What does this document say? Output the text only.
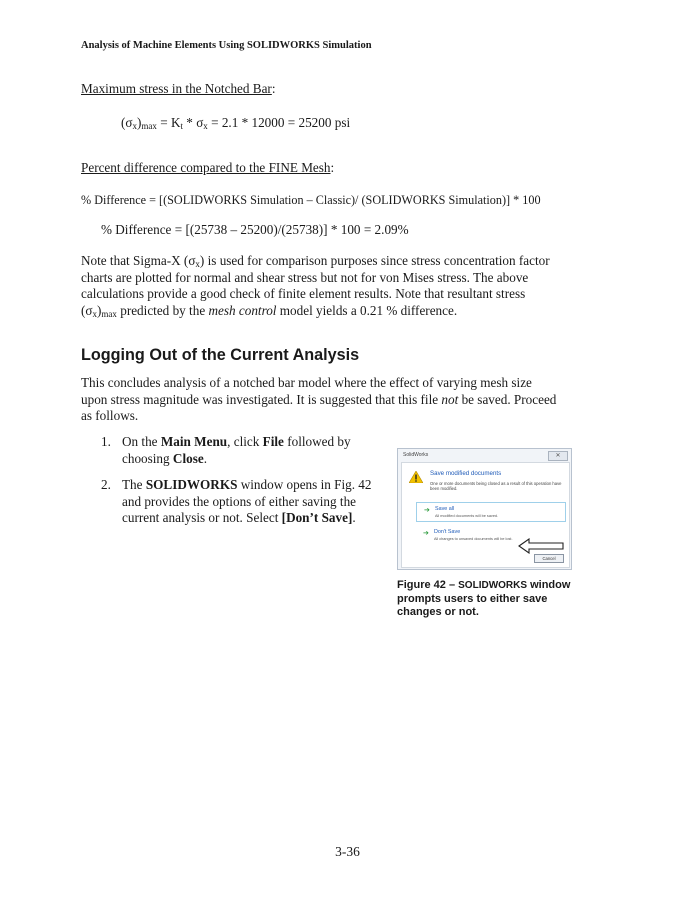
Analysis of Machine Elements Using SOLIDWORKS Simulation
Maximum stress in the Notched Bar:
$(\sigma_x)_{max} = K_t * \sigma_x = 2.1 * 12000 = 25200$ psi
Percent difference compared to the FINE Mesh:
% Difference = [(SOLIDWORKS Simulation – Classic)/ (SOLIDWORKS Simulation)] * 100
% Difference = [(25738 – 25200)/(25738)] * 100 = 2.09%
Note that Sigma-X $(\sigma_x)$ is used for comparison purposes since stress concentration factor charts are plotted for normal and shear stress but not for von Mises stress. The above calculations provide a good check of finite element results. Note that resultant stress $(\sigma_x)_{max}$ predicted by the mesh control model yields a 0.21 % difference.
Logging Out of the Current Analysis
This concludes analysis of a notched bar model where the effect of varying mesh size upon stress magnitude was investigated. It is suggested that this file not be saved. Proceed as follows.
1. On the Main Menu, click File followed by choosing Close.
2. The SOLIDWORKS window opens in Fig. 42 and provides the options of either saving the current analysis or not. Select [Don’t Save].
SolidWorks	✕
Save modified documents
One or more documents being closed as a result of this operation have been modified.
➔ Save all
All modified documents will be saved.
➔ Don't Save
All changes to unsaved documents will be lost.
Cancel
Figure 42 – SOLIDWORKS window prompts users to either save changes or not.
3-36
